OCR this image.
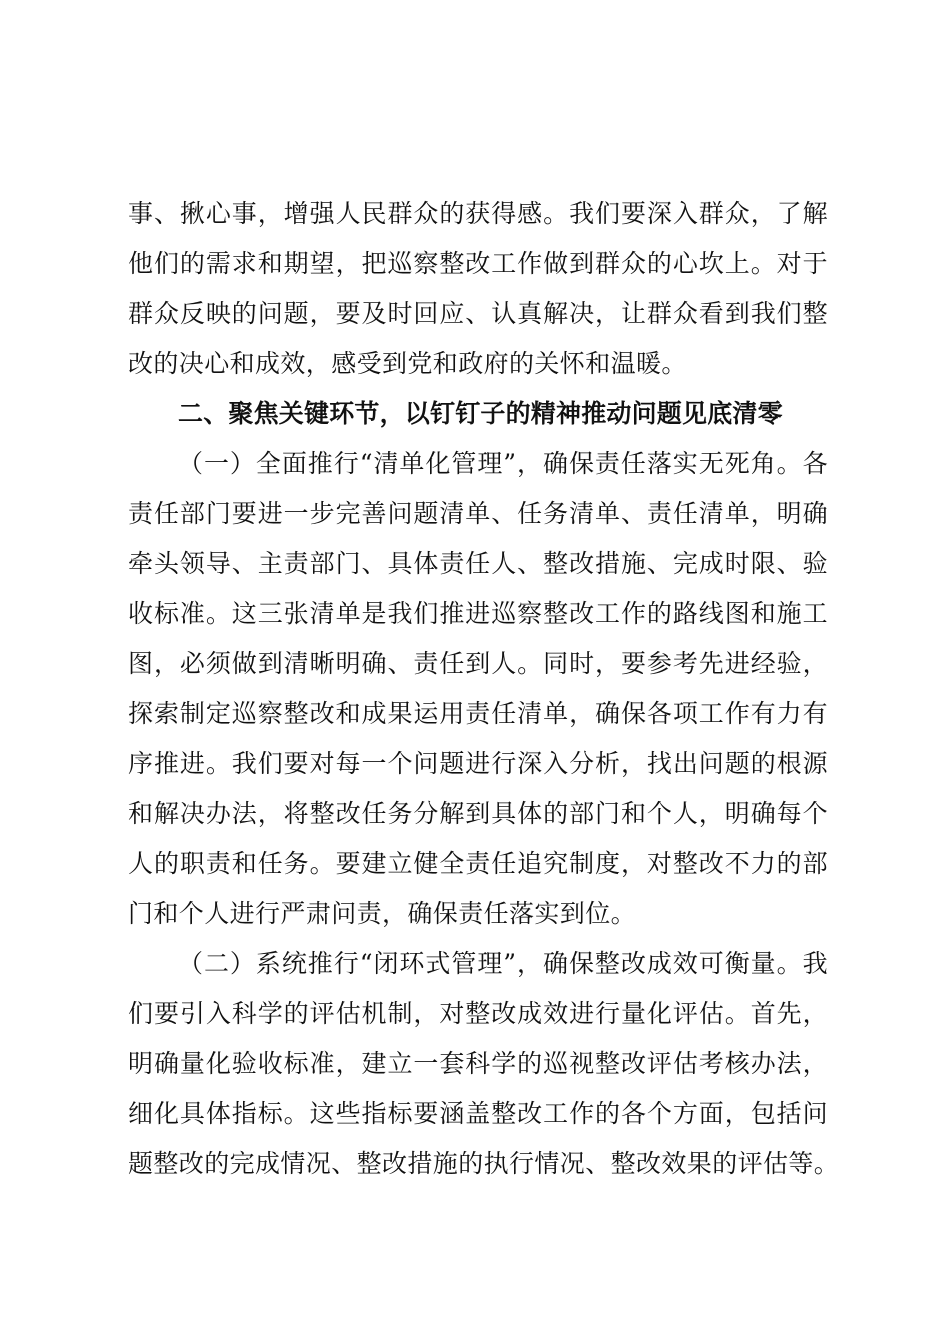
事、揪心事，增强人民群众的获得感。我们要深入群众，了解
他们的需求和期望，把巡察整改工作做到群众的心坎上。对于
群众反映的问题，要及时回应、认真解决，让群众看到我们整
改的决心和成效，感受到党和政府的关怀和温暖。
二、聚焦关键环节，以钉钉子的精神推动问题见底清零
（一）全面推行“清单化管理”，确保责任落实无死角。各
责任部门要进一步完善问题清单、任务清单、责任清单，明确
牵头领导、主责部门、具体责任人、整改措施、完成时限、验
收标准。这三张清单是我们推进巡察整改工作的路线图和施工
图，必须做到清晰明确、责任到人。同时，要参考先进经验，
探索制定巡察整改和成果运用责任清单，确保各项工作有力有
序推进。我们要对每一个问题进行深入分析，找出问题的根源
和解决办法，将整改任务分解到具体的部门和个人，明确每个
人的职责和任务。要建立健全责任追究制度，对整改不力的部
门和个人进行严肃问责，确保责任落实到位。
（二）系统推行“闭环式管理”，确保整改成效可衡量。我
们要引入科学的评估机制，对整改成效进行量化评估。首先，
明确量化验收标准，建立一套科学的巡视整改评估考核办法，
细化具体指标。这些指标要涵盖整改工作的各个方面，包括问
题整改的完成情况、整改措施的执行情况、整改效果的评估等。
